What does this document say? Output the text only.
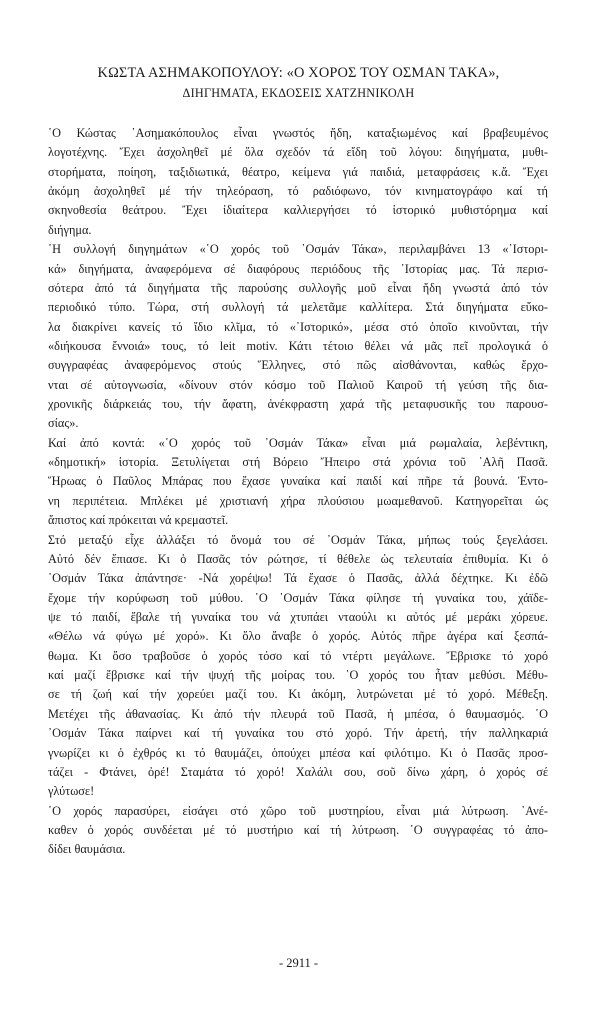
ΚΩΣΤΑ ΑΣΗΜΑΚΟΠΟΥΛΟΥ: «Ο ΧΟΡΟΣ ΤΟΥ ΟΣΜΑΝ ΤΑΚΑ»,
ΔΙΗΓΗΜΑΤΑ, ΕΚΔΟΣΕΙΣ ΧΑΤΖΗΝΙΚΟΛΗ
῾Ο Κώστας ᾿Ασημακόπουλος εἶναι γνωστός ἤδη, καταξιωμένος καί βραβευμένος
λογοτέχνης. Ἔχει ἀσχοληθεῖ μέ ὅλα σχεδόν τά εἴδη τοῦ λόγου: διηγήματα, μυθι-
στορήματα, ποίηση, ταξιδιωτικά, θέατρο, κείμενα γιά παιδιά, μεταφράσεις κ.ἄ. Ἔχει
ἀκόμη ἀσχοληθεῖ μέ τήν τηλεόραση, τό ραδιόφωνο, τόν κινηματογράφο καί τή
σκηνοθεσία θεάτρου. Ἔχει ἰδιαίτερα καλλιεργήσει τό ἱστορικό μυθιστόρημα καί
διήγημα.
῾Η συλλογή διηγημάτων «῾Ο χορός τοῦ ᾿Οσμάν Τάκα», περιλαμβάνει 13 «᾿Ιστορι-
κά» διηγήματα, ἀναφερόμενα σέ διαφόρους περιόδους τῆς ᾿Ιστορίας μας. Τά περισ-
σότερα ἀπό τά διηγήματα τῆς παρούσης συλλογῆς μοῦ εἶναι ἤδη γνωστά ἀπό τόν
περιοδικό τύπο. Τώρα, στή συλλογή τά μελετᾶμε καλλίτερα. Στά διηγήματα εὔκο-
λα διακρίνει κανείς τό ἴδιο κλῖμα, τό «᾿Ιστορικό», μέσα στό ὁποῖο κινοῦνται, τήν
«διήκουσα ἔννοιά» τους, τό leit motiv. Κάτι τέτοιο θέλει νά μᾶς πεῖ προλογικά ὁ
συγγραφέας ἀναφερόμενος στούς Ἕλληνες, στό πῶς αἰσθάνονται, καθώς ἔρχο-
νται σέ αὐτογνωσία, «δίνουν στόν κόσμο τοῦ Παλιοῦ Καιροῦ τή γεύση τῆς δια-
χρονικῆς διάρκειάς του, τήν ἄφατη, ἀνέκφραστη χαρά τῆς μεταφυσικῆς του παρουσ-
σίας».
Καί ἀπό κοντά: «῾Ο χορός τοῦ ᾿Οσμάν Τάκα» εἶναι μιά ρωμαλαία, λεβέντικη,
«δημοτική» ἱστορία. Ξετυλίγεται στή Βόρειο Ἤπειρο στά χρόνια τοῦ ᾿Αλῆ Πασᾶ.
Ἥρωας ὁ Παῦλος Μπάρας που ἔχασε γυναίκα καί παιδί καί πῆρε τά βουνά. Ἐντο-
νη περιπέτεια. Μπλέκει μέ χριστιανή χήρα πλούσιου μωαμεθανοῦ. Κατηγορεῖται ὡς
ἄπιστος καί πρόκειται νά κρεμαστεῖ.
Στό μεταξύ εἶχε ἀλλάξει τό ὄνομά του σέ ᾿Οσμάν Τάκα, μήπως τούς ξεγελάσει.
Αὐτό δέν ἔπιασε. Κι ὁ Πασᾶς τόν ρώτησε, τί θέθελε ὡς τελευταία ἐπιθυμία. Κι ὁ
᾿Οσμάν Τάκα ἀπάντησε· -Νά χορέψω! Τά ἔχασε ὁ Πασᾶς, ἀλλά δέχτηκε. Κι ἐδῶ
ἔχομε τήν κορύφωση τοῦ μύθου. ῾Ο ᾿Οσμάν Τάκα φίλησε τή γυναίκα του, χάϊδε-
ψε τό παιδί, ἔβαλε τή γυναίκα του νά χτυπάει νταούλι κι αὐτός μέ μεράκι χόρευε.
«Θέλω νά φύγω μέ χορό». Κι ὅλο ἄναβε ὁ χορός. Αὐτός πῆρε ἀγέρα καί ξεσπά-
θωμα. Κι ὅσο τραβοῦσε ὁ χορός τόσο καί τό ντέρτι μεγάλωνε. Ἔβρισκε τό χορό
καί μαζί ἔβρισκε καί τήν ψυχή τῆς μοίρας του. ῾Ο χορός του ἦταν μεθύσι. Μέθυ-
σε τή ζωή καί τήν χορεύει μαζί του. Κι ἀκόμη, λυτρώνεται μέ τό χορό. Μέθεξη.
Μετέχει τῆς ἀθανασίας. Κι ἀπό τήν πλευρά τοῦ Πασᾶ, ἡ μπέσα, ὁ θαυμασμός. ῾Ο
᾿Οσμάν Τάκα παίρνει καί τή γυναίκα του στό χορό. Τήν ἀρετή, τήν παλληκαριά
γνωρίζει κι ὁ ἐχθρός κι τό θαυμάζει, ὁπούχει μπέσα καί φιλότιμο. Κι ὁ Πασᾶς προσ-
τάζει - Φτάνει, ὀρέ! Σταμάτα τό χορό! Χαλάλι σου, σοῦ δίνω χάρη, ὁ χορός σέ
γλύτωσε!
῾Ο χορός παρασύρει, εἰσάγει στό χῶρο τοῦ μυστηρίου, εἶναι μιά λύτρωση. ᾿Ανέ-
καθεν ὁ χορός συνδέεται μέ τό μυστήριο καί τή λύτρωση. ῾Ο συγγραφέας τό ἀπο-
δίδει θαυμάσια.
- 2911 -
